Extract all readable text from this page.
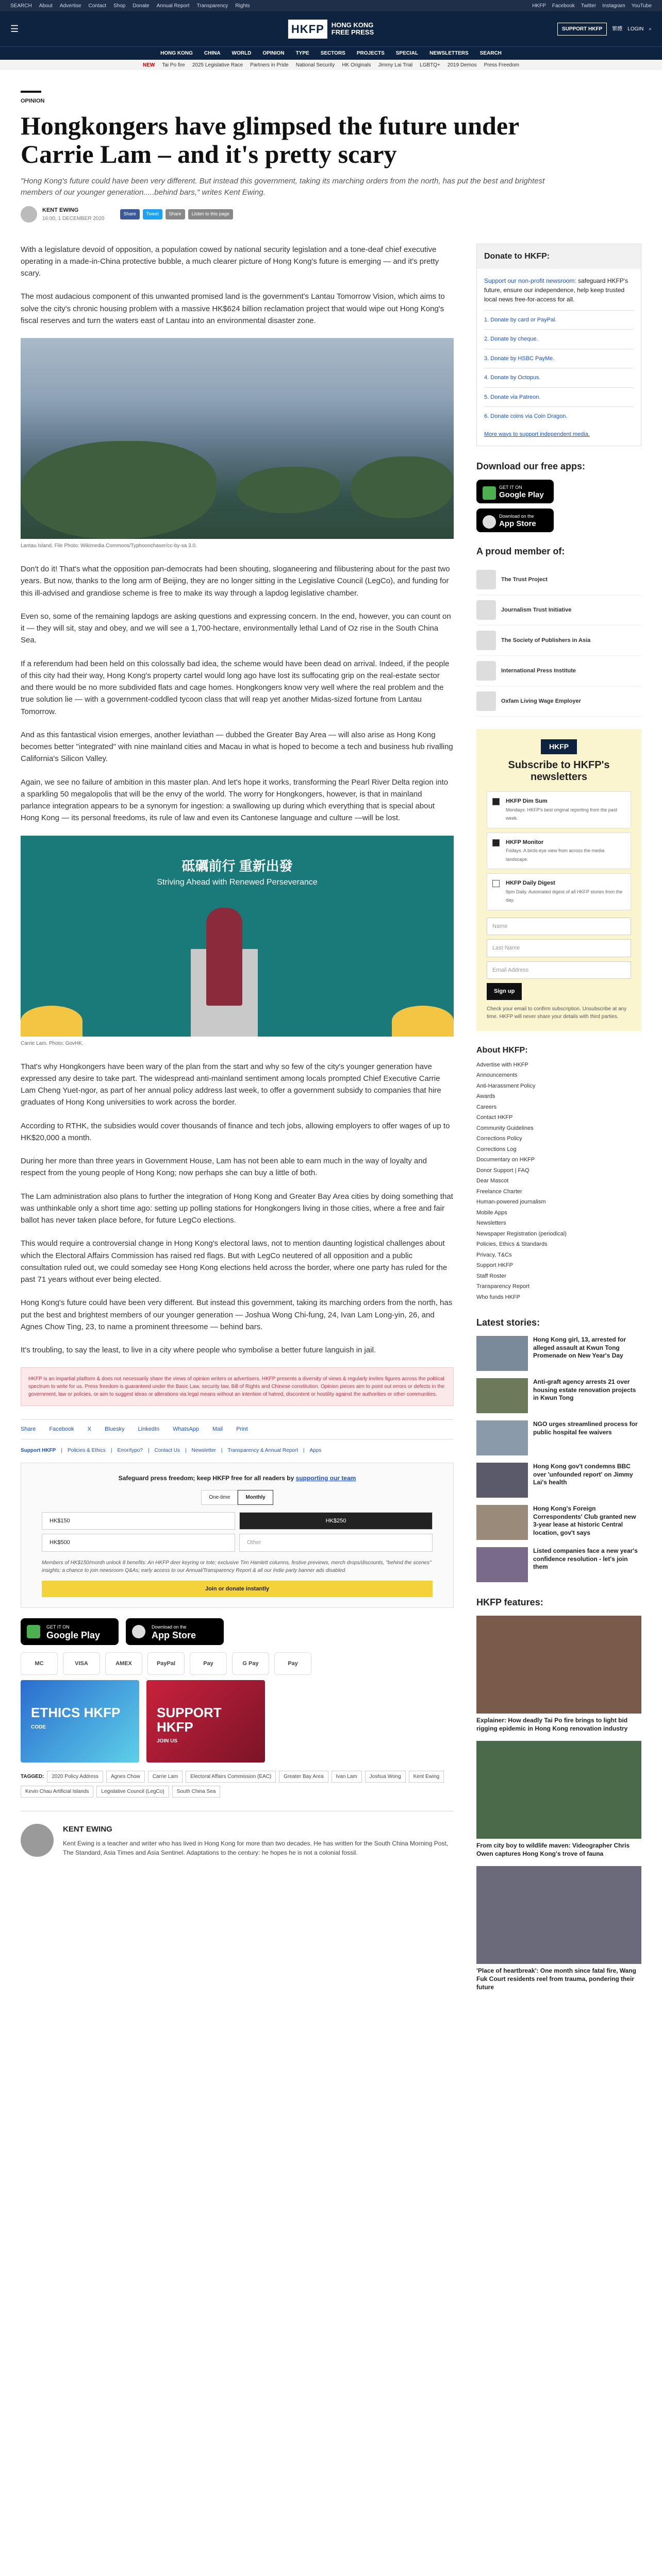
SEARCH About Advertise Contact Shop Donate Annual Report Transparency Rights	HKFP Facebook Twitter Instagram YouTube
☰	HKFP	HONG KONG
FREE PRESS	SUPPORT HKFP	繁體 LOGIN ⌕
HONG KONG CHINA WORLD OPINION TYPE SECTORS PROJECTS SPECIAL NEWSLETTERS SEARCH
NEW Tai Po fire 2025 Legislative Race Partners in Pride National Security HK Originals Jimmy Lai Trial LGBTQ+ 2019 Demos Press Freedom
OPINION
Hongkongers have glimpsed the future under Carrie Lam – and it's pretty scary

"Hong Kong's future could have been very different. But instead this government, taking its marching orders from the north, has put the best and brightest members of our younger generation.....behind bars," writes Kent Ewing.

KENT EWING
16:00, 1 DECEMBER 2020
Share	Tweet	Share	Listen to this page

With a legislature devoid of opposition, a population cowed by national security legislation and a tone-deaf chief executive operating in a made-in-China protective bubble, a much clearer picture of Hong Kong's future is emerging — and it's pretty scary.

The most audacious component of this unwanted promised land is the government's Lantau Tomorrow Vision, which aims to solve the city's chronic housing problem with a massive HK$624 billion reclamation project that would wipe out Hong Kong's fiscal reserves and turn the waters east of Lantau into an environmental disaster zone.

Lantau Island. File Photo: Wikimedia Commons/Typhoonchaser/cc-by-sa 3.0.

Don't do it! That's what the opposition pan-democrats had been shouting, sloganeering and filibustering about for the past two years. But now, thanks to the long arm of Beijing, they are no longer sitting in the Legislative Council (LegCo), and funding for this ill-advised and grandiose scheme is free to make its way through a lapdog legislative chamber.

Even so, some of the remaining lapdogs are asking questions and expressing concern. In the end, however, you can count on it — they will sit, stay and obey, and we will see a 1,700-hectare, environmentally lethal Land of Oz rise in the South China Sea.

If a referendum had been held on this colossally bad idea, the scheme would have been dead on arrival. Indeed, if the people of this city had their way, Hong Kong's property cartel would long ago have lost its suffocating grip on the real-estate sector and there would be no more subdivided flats and cage homes. Hongkongers know very well where the real problem and the true solution lie — with a government-coddled tycoon class that will reap yet another Midas-sized fortune from Lantau Tomorrow.

And as this fantastical vision emerges, another leviathan — dubbed the Greater Bay Area — will also arise as Hong Kong becomes better "integrated" with nine mainland cities and Macau in what is hoped to become a tech and business hub rivalling California's Silicon Valley.

Again, we see no failure of ambition in this master plan. And let's hope it works, transforming the Pearl River Delta region into a sparkling 50 megalopolis that will be the envy of the world. The worry for Hongkongers, however, is that in mainland parlance integration appears to be a synonym for ingestion: a swallowing up during which everything that is special about Hong Kong — its personal freedoms, its rule of law and even its Cantonese language and culture —will be lost.

砥礪前行 重新出發
Striving Ahead with Renewed Perseverance
Carrie Lam. Photo: GovHK.

That's why Hongkongers have been wary of the plan from the start and why so few of the city's younger generation have expressed any desire to take part. The widespread anti-mainland sentiment among locals prompted Chief Executive Carrie Lam Cheng Yuet-ngor, as part of her annual policy address last week, to offer a government subsidy to companies that hire graduates of Hong Kong universities to work across the border.

According to RTHK, the subsidies would cover thousands of finance and tech jobs, allowing employers to offer wages of up to HK$20,000 a month.

During her more than three years in Government House, Lam has not been able to earn much in the way of loyalty and respect from the young people of Hong Kong; now perhaps she can buy a little of both.

The Lam administration also plans to further the integration of Hong Kong and Greater Bay Area cities by doing something that was unthinkable only a short time ago: setting up polling stations for Hongkongers living in those cities, where a free and fair ballot has never taken place before, for future LegCo elections.

This would require a controversial change in Hong Kong's electoral laws, not to mention daunting logistical challenges about which the Electoral Affairs Commission has raised red flags. But with LegCo neutered of all opposition and a public consultation ruled out, we could someday see Hong Kong elections held across the border, where one party has ruled for the past 71 years without ever being elected.

Hong Kong's future could have been very different. But instead this government, taking its marching orders from the north, has put the best and brightest members of our younger generation — Joshua Wong Chi-fung, 24, Ivan Lam Long-yin, 26, and Agnes Chow Ting, 23, to name a prominent threesome — behind bars.

It's troubling, to say the least, to live in a city where people who symbolise a better future languish in jail.

HKFP is an impartial platform & does not necessarily share the views of opinion writers or advertisers. HKFP presents a diversity of views & regularly invites figures across the political spectrum to write for us. Press freedom is guaranteed under the Basic Law, security law, Bill of Rights and Chinese constitution. Opinion pieces aim to point out errors or defects in the government, law or policies, or aim to suggest ideas or alterations via legal means without an intention of hatred, discontent or hostility against the authorities or other communities.
Share Facebook X Bluesky LinkedIn WhatsApp Mail Print
Support HKFP | Policies & Ethics | Error/typo? | Contact Us | Newsletter | Transparency & Annual Report | Apps
Safeguard press freedom; keep HKFP free for all readers by supporting our team
One-time	Monthly
HK$150	HK$250
HK$500	Other
Members of HK$150/month unlock 8 benefits: An HKFP deer keyring or tote; exclusive Tim Hamlett columns, festive previews, merch drops/discounts, "behind the scenes" insights; a chance to join newsroom Q&As; early access to our Annual/Transparency Report & all our Indie party banner ads disabled.
Join or donate instantly
GET IT ON
Google Play
Download on the
App Store
MC	VISA	AMEX	PayPal	Pay	G Pay	Pay
ETHICS HKFP
CODE
SUPPORT HKFP
JOIN US
TAGGED:	2020 Policy Address	Agnes Chow	Carrie Lam	Electoral Affairs Commission (EAC)	Greater Bay Area	Ivan Lam	Joshua Wong	Kent Ewing
Kevin Chau Artificial Islands	Legislative Council (LegCo)	South China Sea
KENT EWING

Kent Ewing is a teacher and writer who has lived in Hong Kong for more than two decades. He has written for the South China Morning Post, The Standard, Asia Times and Asia Sentinel. Adaptations to the century: he hopes he is not a colonial fossil.

Donate to HKFP:

Support our non-profit newsroom: safeguard HKFP's future, ensure our independence, help keep trusted local news free-for-access for all.

1. Donate by card or PayPal.
2. Donate by cheque.
3. Donate by HSBC PayMe.
4. Donate by Octopus.
5. Donate via Patreon.
6. Donate coins via Coin Dragon.
More ways to support independent media.
Download our free apps:
GET IT ON
Google Play
Download on the
App Store
A proud member of:
The Trust Project
Journalism Trust Initiative
The Society of Publishers in Asia
International Press Institute
Oxfam Living Wage Employer
HKFP
Subscribe to HKFP's newsletters
HKFP Dim Sum
Mondays. HKFP's best original reporting from the past week.
HKFP Monitor
Fridays. A birds-eye view from across the media landscape.
HKFP Daily Digest
9pm Daily. Automated digest of all HKFP stories from the day.
Name
Last Name
Email Address
Sign up

Check your email to confirm subscription. Unsubscribe at any time. HKFP will never share your details with third parties.

About HKFP:
Advertise with HKFP
Announcements
Anti-Harassment Policy
Awards
Careers
Contact HKFP
Community Guidelines
Corrections Policy
Corrections Log
Documentary on HKFP
Donor Support | FAQ
Dear Mascot
Freelance Charter
Human-powered journalism
Mobile Apps
Newsletters
Newspaper Registration (periodical)
Policies, Ethics & Standards
Privacy, T&Cs
Support HKFP
Staff Roster
Transparency Report
Who funds HKFP
Latest stories:

Hong Kong girl, 13, arrested for alleged assault at Kwun Tong Promenade on New Year's Day

Anti-graft agency arrests 21 over housing estate renovation projects in Kwun Tong

NGO urges streamlined process for public hospital fee waivers

Hong Kong gov't condemns BBC over 'unfounded report' on Jimmy Lai's health

Hong Kong's Foreign Correspondents' Club granted new 3-year lease at historic Central location, gov't says

Listed companies face a new year's confidence resolution - let's join them

HKFP features:

Explainer: How deadly Tai Po fire brings to light bid rigging epidemic in Hong Kong renovation industry

From city boy to wildlife maven: Videographer Chris Owen captures Hong Kong's trove of fauna

'Place of heartbreak': One month since fatal fire, Wang Fuk Court residents reel from trauma, pondering their future
